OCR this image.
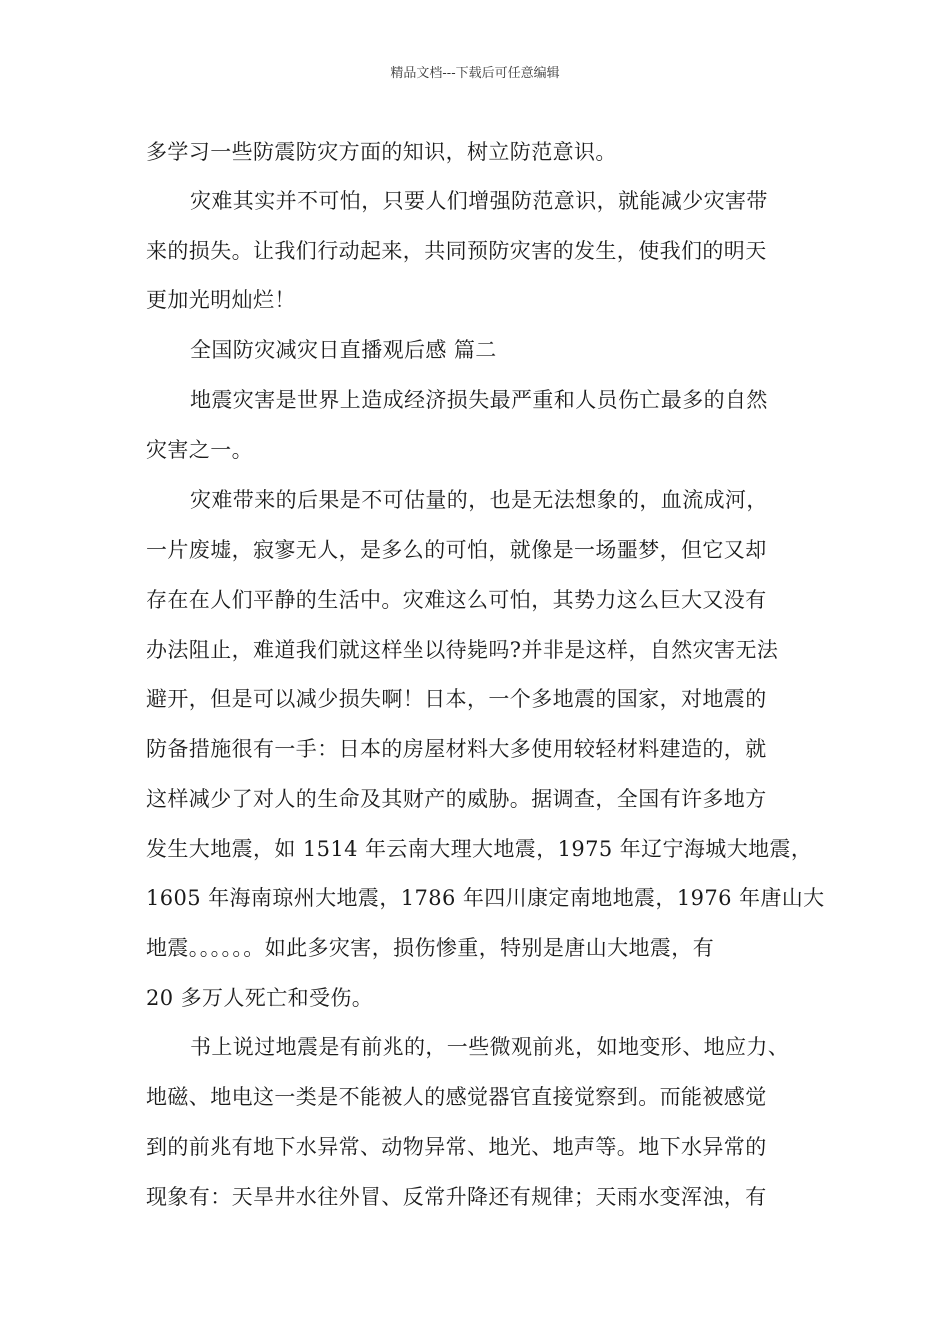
精品文档---下载后可任意编辑
多学习一些防震防灾方面的知识，树立防范意识。
灾难其实并不可怕，只要人们增强防范意识，就能减少灾害带
来的损失。让我们行动起来，共同预防灾害的发生，使我们的明天
更加光明灿烂！
全国防灾减灾日直播观后感 篇二
地震灾害是世界上造成经济损失最严重和人员伤亡最多的自然
灾害之一。
灾难带来的后果是不可估量的，也是无法想象的，血流成河，
一片废墟，寂寥无人，是多么的可怕，就像是一场噩梦，但它又却
存在在人们平静的生活中。灾难这么可怕，其势力这么巨大又没有
办法阻止，难道我们就这样坐以待毙吗?并非是这样，自然灾害无法
避开，但是可以减少损失啊！日本，一个多地震的国家，对地震的
防备措施很有一手：日本的房屋材料大多使用较轻材料建造的，就
这样减少了对人的生命及其财产的威胁。据调查，全国有许多地方
发生大地震，如 1514 年云南大理大地震，1975 年辽宁海城大地震，
1605 年海南琼州大地震，1786 年四川康定南地地震，1976 年唐山大
地震。。。。。。如此多灾害，损伤惨重，特别是唐山大地震，有
20 多万人死亡和受伤。
书上说过地震是有前兆的，一些微观前兆，如地变形、地应力、
地磁、地电这一类是不能被人的感觉器官直接觉察到。而能被感觉
到的前兆有地下水异常、动物异常、地光、地声等。地下水异常的
现象有：天旱井水往外冒、反常升降还有规律；天雨水变浑浊，有
